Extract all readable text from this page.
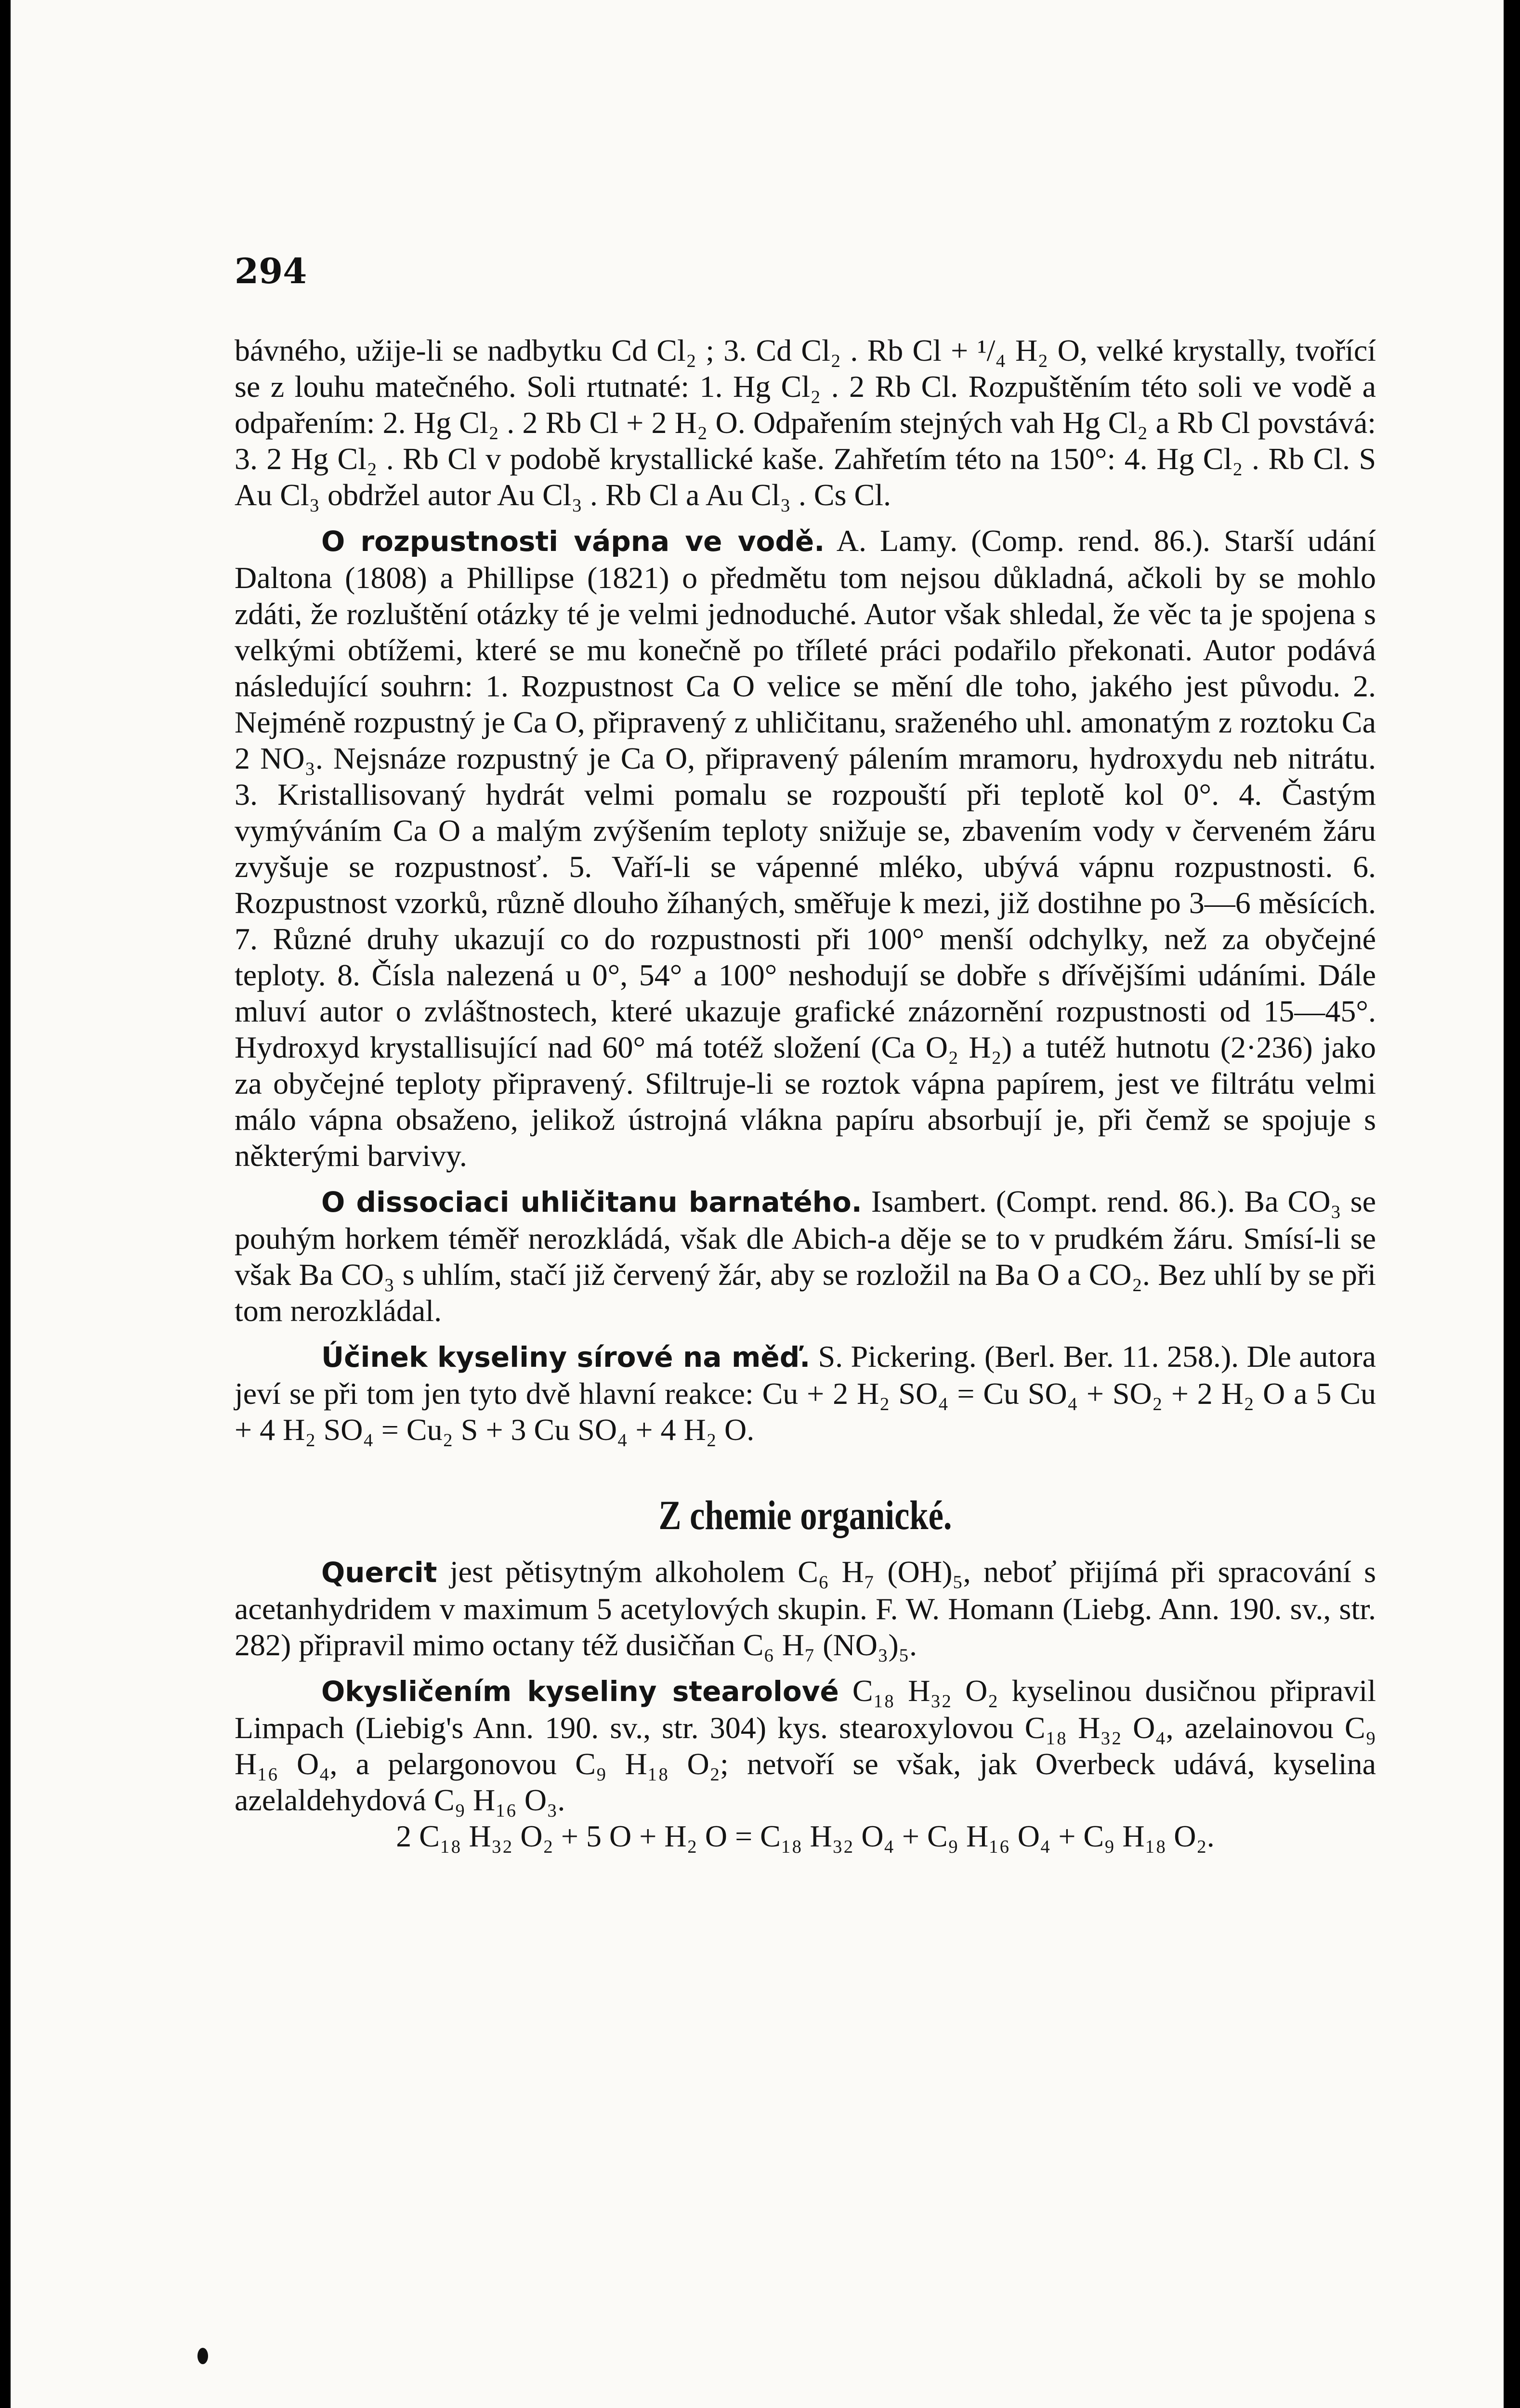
294

bávného, užije-li se nadbytku Cd Cl₂ ; 3. Cd Cl₂ . Rb Cl + ¹/₄ H₂ O, velké krystally, tvořící se z louhu matečného. Soli rtutnaté: 1. Hg Cl₂ . 2 Rb Cl. Rozpuštěním této soli ve vodě a odpařením: 2. Hg Cl₂ . 2 Rb Cl + 2 H₂ O. Odpařením stejných vah Hg Cl₂ a Rb Cl povstává: 3. 2 Hg Cl₂ . Rb Cl v podobě krystallické kaše. Zahřetím této na 150°: 4. Hg Cl₂ . Rb Cl. S Au Cl₃ obdržel autor Au Cl₃ . Rb Cl a Au Cl₃ . Cs Cl.

O rozpustnosti vápna ve vodě. A. Lamy. (Comp. rend. 86.). Starší udání Daltona (1808) a Phillipse (1821) o předmětu tom nejsou důkladná, ačkoli by se mohlo zdáti, že rozluštění otázky té je velmi jednoduché. Autor však shledal, že věc ta je spojena s velkými obtížemi, které se mu konečně po tříleté práci podařilo překonati. Autor podává následující souhrn: 1. Rozpustnost Ca O velice se mění dle toho, jakého jest původu. 2. Nejméně rozpustný je Ca O, připravený z uhličitanu, sraženého uhl. amonatým z roztoku Ca 2 NO₃. Nejsnáze rozpustný je Ca O, připravený pálením mramoru, hydroxydu neb nitrátu. 3. Kristallisovaný hydrát velmi pomalu se rozpouští při teplotě kol 0°. 4. Častým vymýváním Ca O a malým zvýšením teploty snižuje se, zbavením vody v červeném žáru zvyšuje se rozpustnosť. 5. Vaří-li se vápenné mléko, ubývá vápnu rozpustnosti. 6. Rozpustnost vzorků, různě dlouho žíhaných, směřuje k mezi, již dostihne po 3—6 měsících. 7. Různé druhy ukazují co do rozpustnosti při 100° menší odchylky, než za obyčejné teploty. 8. Čísla nalezená u 0°, 54° a 100° neshodují se dobře s dřívějšími udáními. Dále mluví autor o zvláštnostech, které ukazuje grafické znázornění rozpustnosti od 15—45°. Hydroxyd krystallisující nad 60° má totéž složení (Ca O₂ H₂) a tutéž hutnotu (2·236) jako za obyčejné teploty připravený. Sfiltruje-li se roztok vápna papírem, jest ve filtrátu velmi málo vápna obsaženo, jelikož ústrojná vlákna papíru absorbují je, při čemž se spojuje s některými barvivy.

O dissociaci uhličitanu barnatého. Isambert. (Compt. rend. 86.). Ba CO₃ se pouhým horkem téměř nerozkládá, však dle Abich-a děje se to v prudkém žáru. Smísí-li se však Ba CO₃ s uhlím, stačí již červený žár, aby se rozložil na Ba O a CO₂. Bez uhlí by se při tom nerozkládal.

Účinek kyseliny sírové na měď. S. Pickering. (Berl. Ber. 11. 258.). Dle autora jeví se při tom jen tyto dvě hlavní reakce: Cu + 2 H₂ SO₄ = Cu SO₄ + SO₂ + 2 H₂ O a 5 Cu + 4 H₂ SO₄ = Cu₂ S + 3 Cu SO₄ + 4 H₂ O.

Z chemie organické.

Quercit jest pětisytným alkoholem C₆ H₇ (OH)₅, neboť přijímá při spracování s acetanhydridem v maximum 5 acetylových skupin. F. W. Homann (Liebg. Ann. 190. sv., str. 282) připravil mimo octany též dusičňan C₆ H₇ (NO₃)₅.

Okysličením kyseliny stearolové C₁₈ H₃₂ O₂ kyselinou dusičnou připravil Limpach (Liebig's Ann. 190. sv., str. 304) kys. stearoxylovou C₁₈ H₃₂ O₄, azelainovou C₉ H₁₆ O₄, a pelargonovou C₉ H₁₈ O₂; netvoří se však, jak Overbeck udává, kyselina azelaldehydová C₉ H₁₆ O₃.

2 C₁₈ H₃₂ O₂ + 5 O + H₂ O = C₁₈ H₃₂ O₄ + C₉ H₁₆ O₄ + C₉ H₁₈ O₂.
